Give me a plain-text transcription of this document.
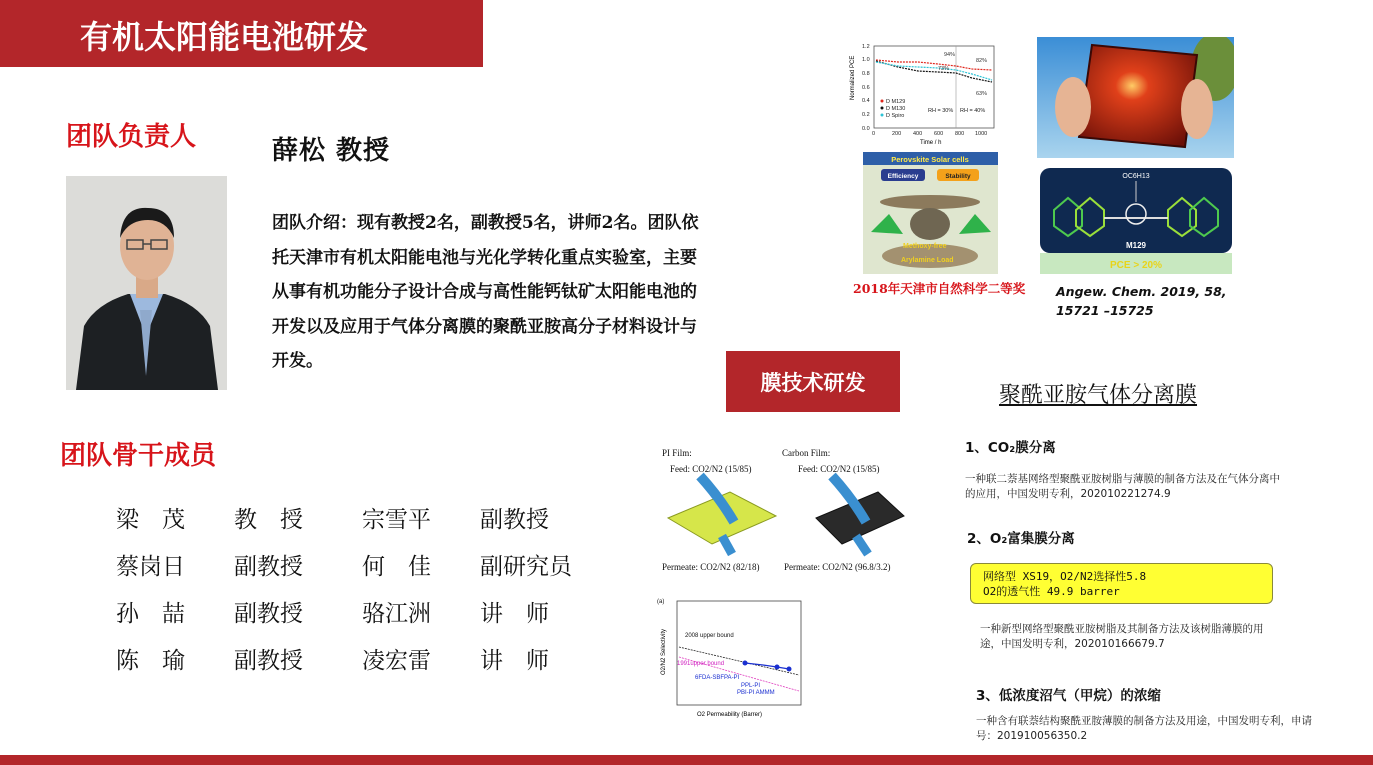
有机太阳能电池研发
团队负责人	薛松 教授
团队介绍：现有教授2名，副教授5名，讲师2名。团队依托天津市有机太阳能电池与光化学转化重点实验室，主要从事有机功能分子设计合成与高性能钙钛矿太阳能电池的开发以及应用于气体分离膜的聚酰亚胺高分子材料设计与开发。
团队骨干成员
梁　茂	教　授	宗雪平	副教授
蔡岗日	副教授	何　佳	副研究员
孙　喆	副教授	骆江洲	讲　师
陈　瑜	副教授	凌宏雷	讲　师
Normalized PCE
0.0
0.2
0.4
0.6
0.8
1.0
1.2
0	200 400 600 800 1000
Time / h
94%
82%
73%
63%
D M129
D M130
D Spiro
RH = 30% RH = 40%
Perovskite Solar cells
Efficiency	Stability
Methoxy-free
Arylamine Load
OC6H13
M129
PCE > 20%
2018年天津市自然科学二等奖	Angew. Chem. 2019, 58,
15721 –15725
膜技术研发
聚酰亚胺气体分离膜
PI Film:
Feed: CO2/N2 (15/85)
Permeate: CO2/N2 (82/18)
Carbon Film:
Feed: CO2/N2 (15/85)
Permeate: CO2/N2 (96.8/3.2)
(a)
O2/N2 Selectivity
O2 Permeability (Barrer)
2008 upper bound
1991upper bound
6FDA-SBFPA-PI
PPL-PI
PBI-PI AMMM
1、CO₂膜分离
一种联二萘基网络型聚酰亚胺树脂与薄膜的制备方法及在气体分离中的应用，中国发明专利，202010221274.9
2、O₂富集膜分离
网络型 XS19，O2/N2选择性5.8
O2的透气性 49.9 barrer
一种新型网络型聚酰亚胺树脂及其制备方法及该树脂薄膜的用途，中国发明专利，202010166679.7
3、低浓度沼气（甲烷）的浓缩
一种含有联萘结构聚酰亚胺薄膜的制备方法及用途，中国发明专利，申请号：201910056350.2
